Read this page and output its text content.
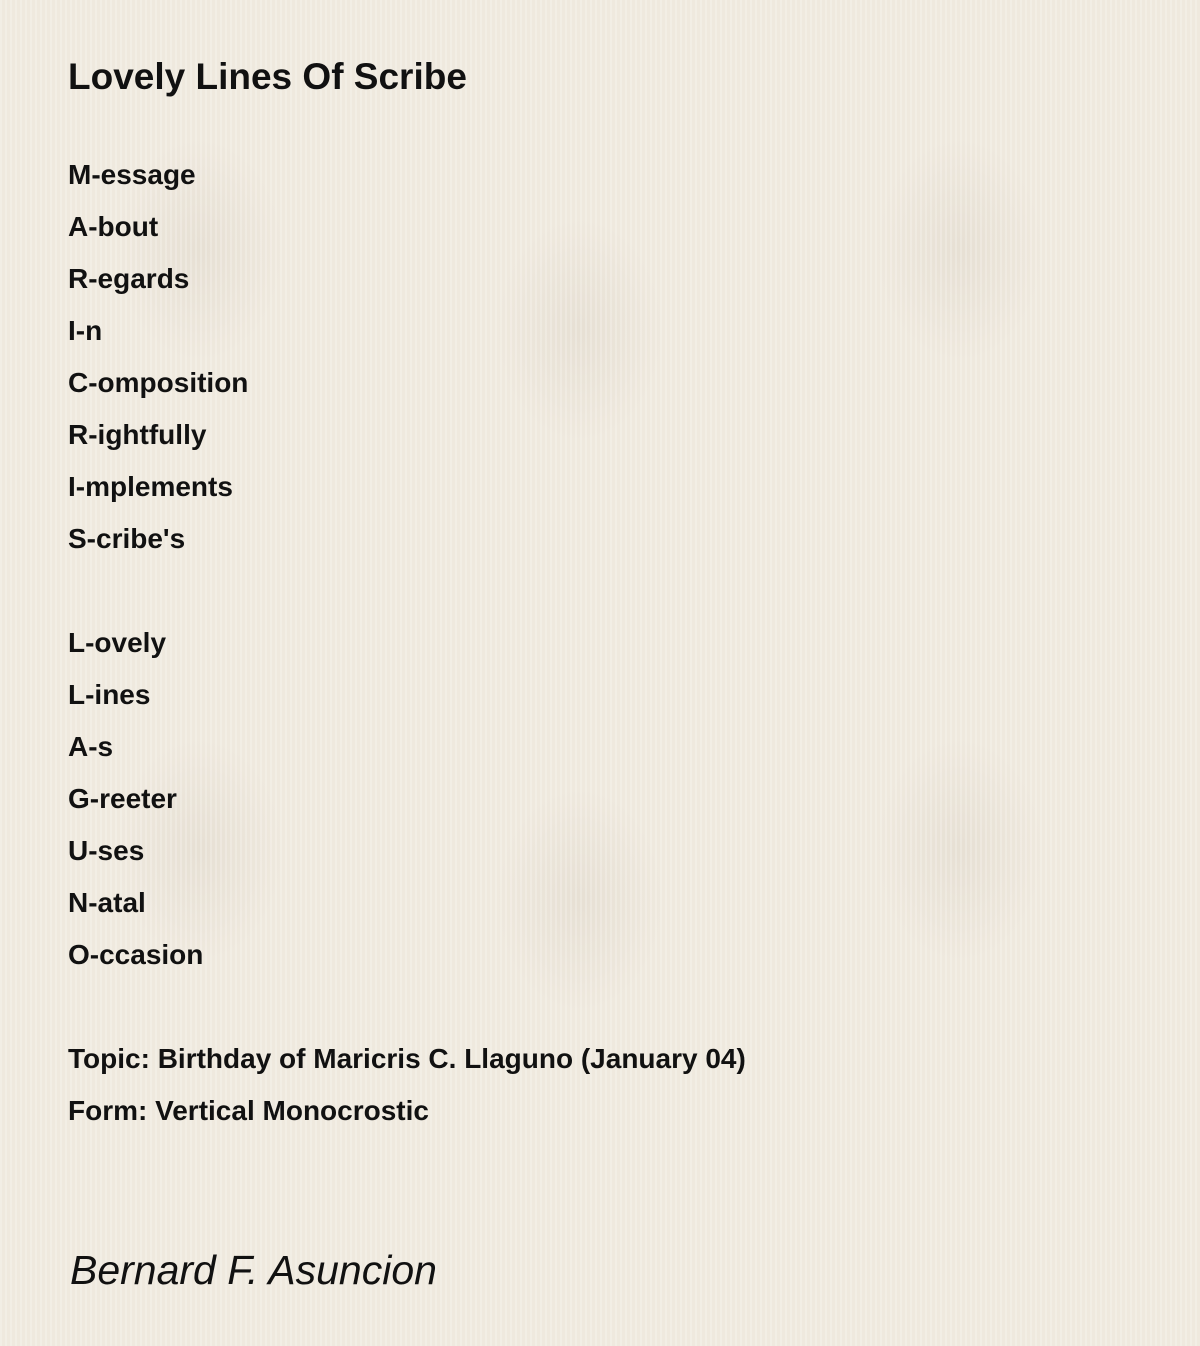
Lovely Lines Of Scribe
M-essage
A-bout
R-egards
I-n
C-omposition
R-ightfully
I-mplements
S-cribe's
L-ovely
L-ines
A-s
G-reeter
U-ses
N-atal
O-ccasion
Topic: Birthday of Maricris C. Llaguno (January 04)
Form: Vertical Monocrostic

Bernard F. Asuncion
